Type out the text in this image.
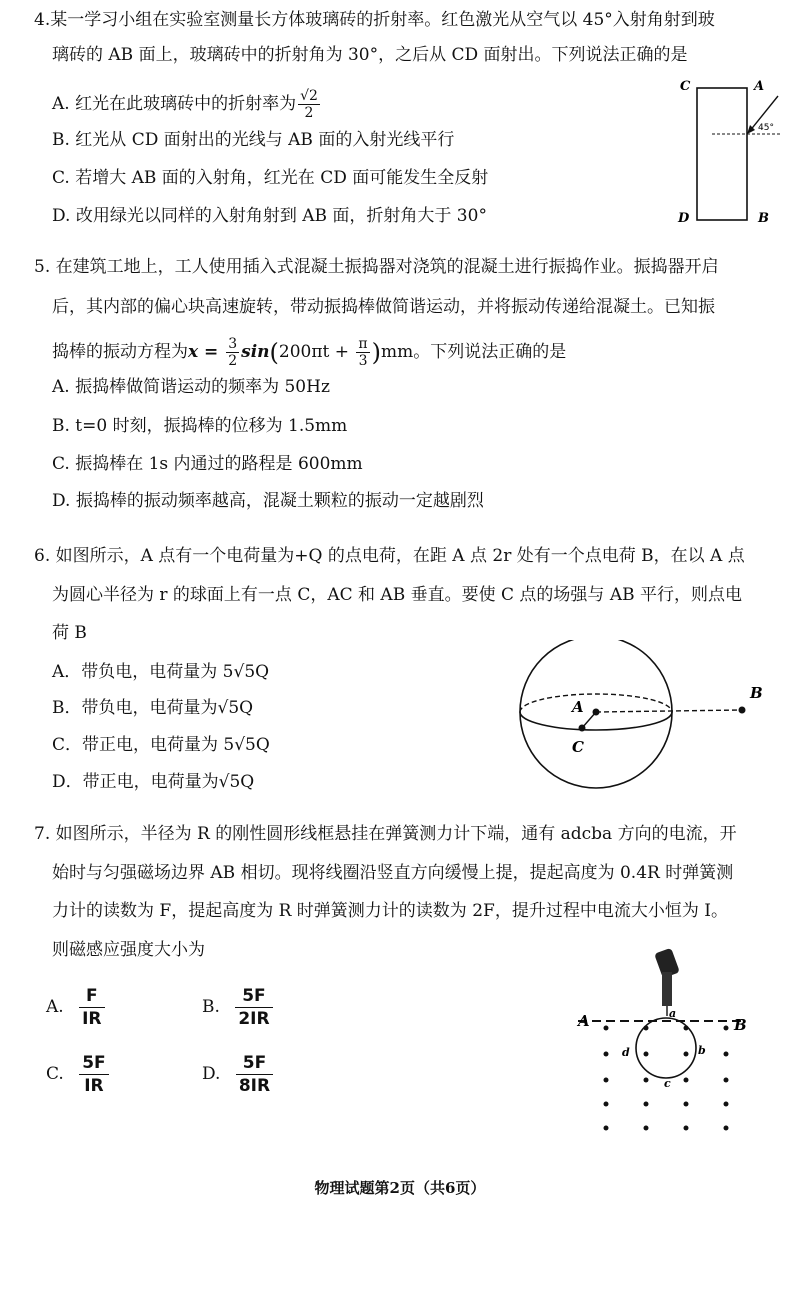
4.某一学习小组在实验室测量长方体玻璃砖的折射率。红色激光从空气以 45°入射角射到玻
璃砖的 AB 面上，玻璃砖中的折射角为 30°，之后从 CD 面射出。下列说法正确的是
A. 红光在此玻璃砖中的折射率为 $\frac{√2}{2}$
B. 红光从 CD 面射出的光线与 AB 面的入射光线平行
C. 若增大 AB 面的入射角，红光在 CD 面可能发生全反射
D. 改用绿光以同样的入射角射到 AB 面，折射角大于 30°
C	A
D	B
45°
5. 在建筑工地上，工人使用插入式混凝土振捣器对浇筑的混凝土进行振捣作业。振捣器开启
后，其内部的偏心块高速旋转，带动振捣棒做简谐运动，并将振动传递给混凝土。已知振
捣棒的振动方程为$x = \frac{3}{2} \sin(200\pi t + \frac{\pi}{3} )mm$。下列说法正确的是
A. 振捣棒做简谐运动的频率为 50Hz
B. t=0 时刻，振捣棒的位移为 1.5mm
C. 振捣棒在 1s 内通过的路程是 600mm
D. 振捣棒的振动频率越高，混凝土颗粒的振动一定越剧烈
6. 如图所示，A 点有一个电荷量为+Q 的点电荷，在距 A 点 2r 处有一个点电荷 B，在以 A 点
为圆心半径为 r 的球面上有一点 C，AC 和 AB 垂直。要使 C 点的场强与 AB 平行，则点电
荷 B
A．带负电，电荷量为 5√5Q
B．带负电，电荷量为√5Q
C．带正电，电荷量为 5√5Q
D．带正电，电荷量为√5Q
A
C
B
7. 如图所示，半径为 R 的刚性圆形线框悬挂在弹簧测力计下端，通有 adcba 方向的电流，开
始时与匀强磁场边界 AB 相切。现将线圈沿竖直方向缓慢上提，提起高度为 0.4R 时弹簧测
力计的读数为 F，提起高度为 R 时弹簧测力计的读数为 2F，提升过程中电流大小恒为 I。
则磁感应强度大小为
A. $\frac{F}{IR}$	B. $\frac{5F}{2IR}$
C. $\frac{5F}{IR}$	D. $\frac{5F}{8IR}$
A	B
a
b
c
d
物理试题第2页（共6页）
